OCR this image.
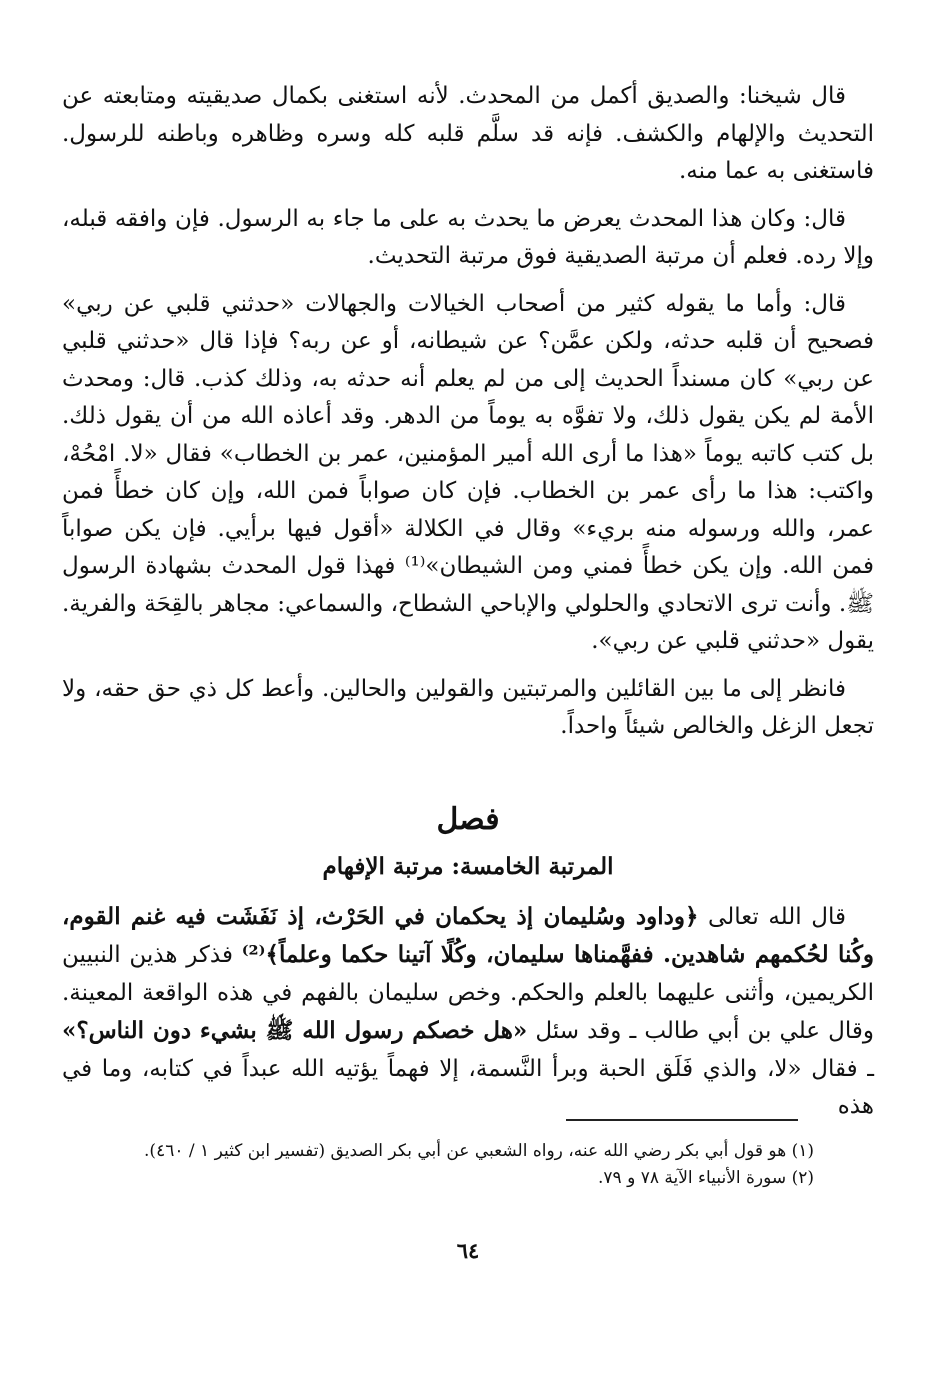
قال شيخنا: والصديق أكمل من المحدث. لأنه استغنى بكمال صديقيته ومتابعته عن التحديث والإلهام والكشف. فإنه قد سلَّم قلبه كله وسره وظاهره وباطنه للرسول. فاستغنى به عما منه.

قال: وكان هذا المحدث يعرض ما يحدث به على ما جاء به الرسول. فإن وافقه قبله، وإلا رده. فعلم أن مرتبة الصديقية فوق مرتبة التحديث.

قال: وأما ما يقوله كثير من أصحاب الخيالات والجهالات «حدثني قلبي عن ربي» فصحيح أن قلبه حدثه، ولكن عمَّن؟ عن شيطانه، أو عن ربه؟ فإذا قال «حدثني قلبي عن ربي» كان مسنداً الحديث إلى من لم يعلم أنه حدثه به، وذلك كذب. قال: ومحدث الأمة لم يكن يقول ذلك، ولا تفوَّه به يوماً من الدهر. وقد أعاذه الله من أن يقول ذلك. بل كتب كاتبه يوماً «هذا ما أرى الله أمير المؤمنين، عمر بن الخطاب» فقال «لا. امْحُهْ، واكتب: هذا ما رأى عمر بن الخطاب. فإن كان صواباً فمن الله، وإن كان خطأً فمن عمر، والله ورسوله منه بريء» وقال في الكلالة «أقول فيها برأيي. فإن يكن صواباً فمن الله. وإن يكن خطأً فمني ومن الشيطان»⁽¹⁾ فهذا قول المحدث بشهادة الرسول ﷺ. وأنت ترى الاتحادي والحلولي والإباحي الشطاح، والسماعي: مجاهر بالقِحَة والفرية. يقول «حدثني قلبي عن ربي».

فانظر إلى ما بين القائلين والمرتبتين والقولين والحالين. وأعط كل ذي حق حقه، ولا تجعل الزغل والخالص شيئاً واحداً.

فصل
المرتبة الخامسة: مرتبة الإفهام

قال الله تعالى ﴿وداود وسُليمان إذ يحكمان في الحَرْث، إذ نَفَشَت فيه غنم القوم، وكُنا لحُكمهم شاهدين. ففهَّمناها سليمان، وكُلًا آتينا حكما وعلماً﴾⁽²⁾ فذكر هذين النبيين الكريمين، وأثنى عليهما بالعلم والحكم. وخص سليمان بالفهم في هذه الواقعة المعينة. وقال علي بن أبي طالب ـ وقد سئل «هل خصكم رسول الله ﷺ بشيء دون الناس؟» ـ فقال «لا، والذي فَلَق الحبة وبرأ النَّسمة، إلا فهماً يؤتيه الله عبداً في كتابه، وما في هذه

(١) هو قول أبي بكر رضي الله عنه، رواه الشعبي عن أبي بكر الصديق (تفسير ابن كثير ١ / ٤٦٠).

(٢) سورة الأنبياء الآية ٧٨ و ٧٩.

٦٤
